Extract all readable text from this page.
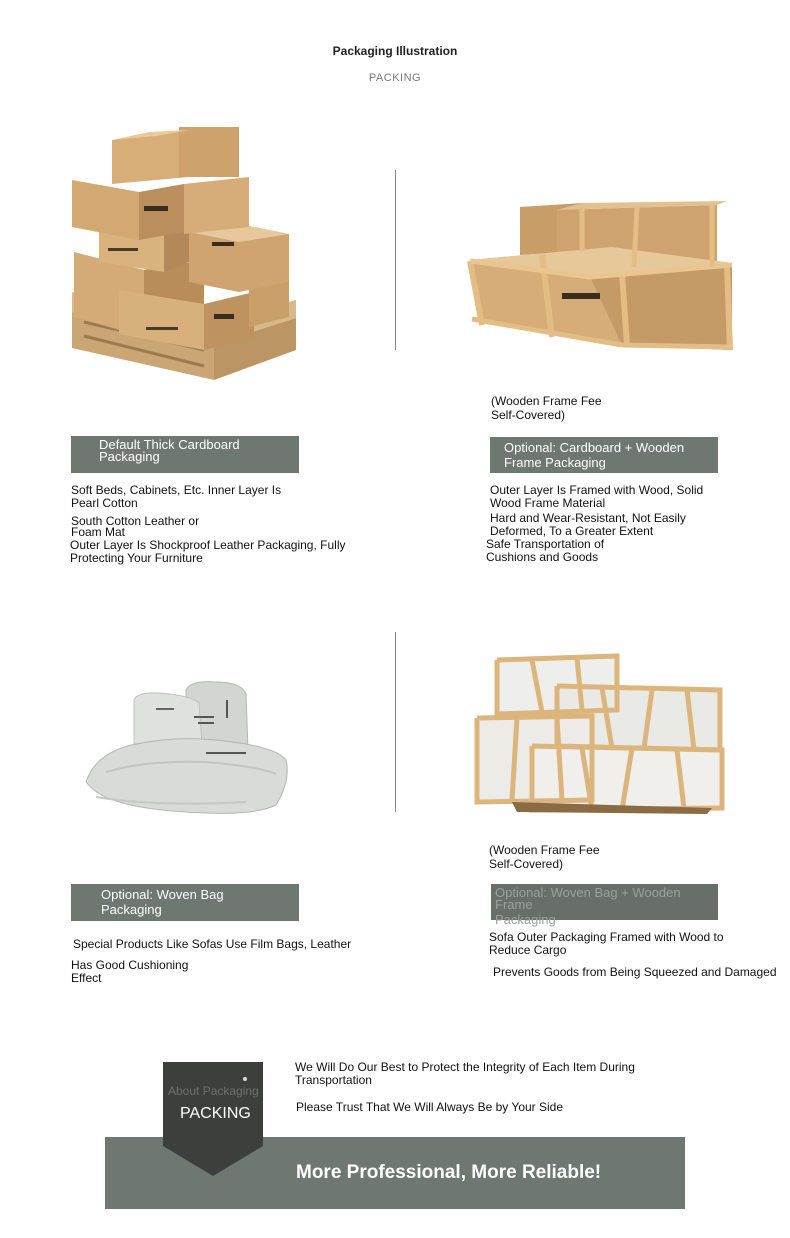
Packaging Illustration
PACKING
Default Thick Cardboard
Packaging
Soft Beds, Cabinets, Etc. Inner Layer Is
Pearl Cotton
South Cotton Leather or
Foam Mat
Outer Layer Is Shockproof Leather Packaging, Fully
Protecting Your Furniture
(Wooden Frame Fee
Self-Covered)
Optional: Cardboard + Wooden
Frame Packaging
Outer Layer Is Framed with Wood, Solid
Wood Frame Material
Hard and Wear-Resistant, Not Easily
Deformed, To a Greater Extent
Safe Transportation of
Cushions and Goods
Optional: Woven Bag
Packaging
Special Products Like Sofas Use Film Bags, Leather
Has Good Cushioning
Effect
(Wooden Frame Fee
Self-Covered)
Optional: Woven Bag + Wooden Frame
Packaging
Sofa Outer Packaging Framed with Wood to
Reduce Cargo
Prevents Goods from Being Squeezed and Damaged
More Professional, More Reliable!
About Packaging
PACKING
We Will Do Our Best to Protect the Integrity of Each Item During
Transportation
Please Trust That We Will Always Be by Your Side
